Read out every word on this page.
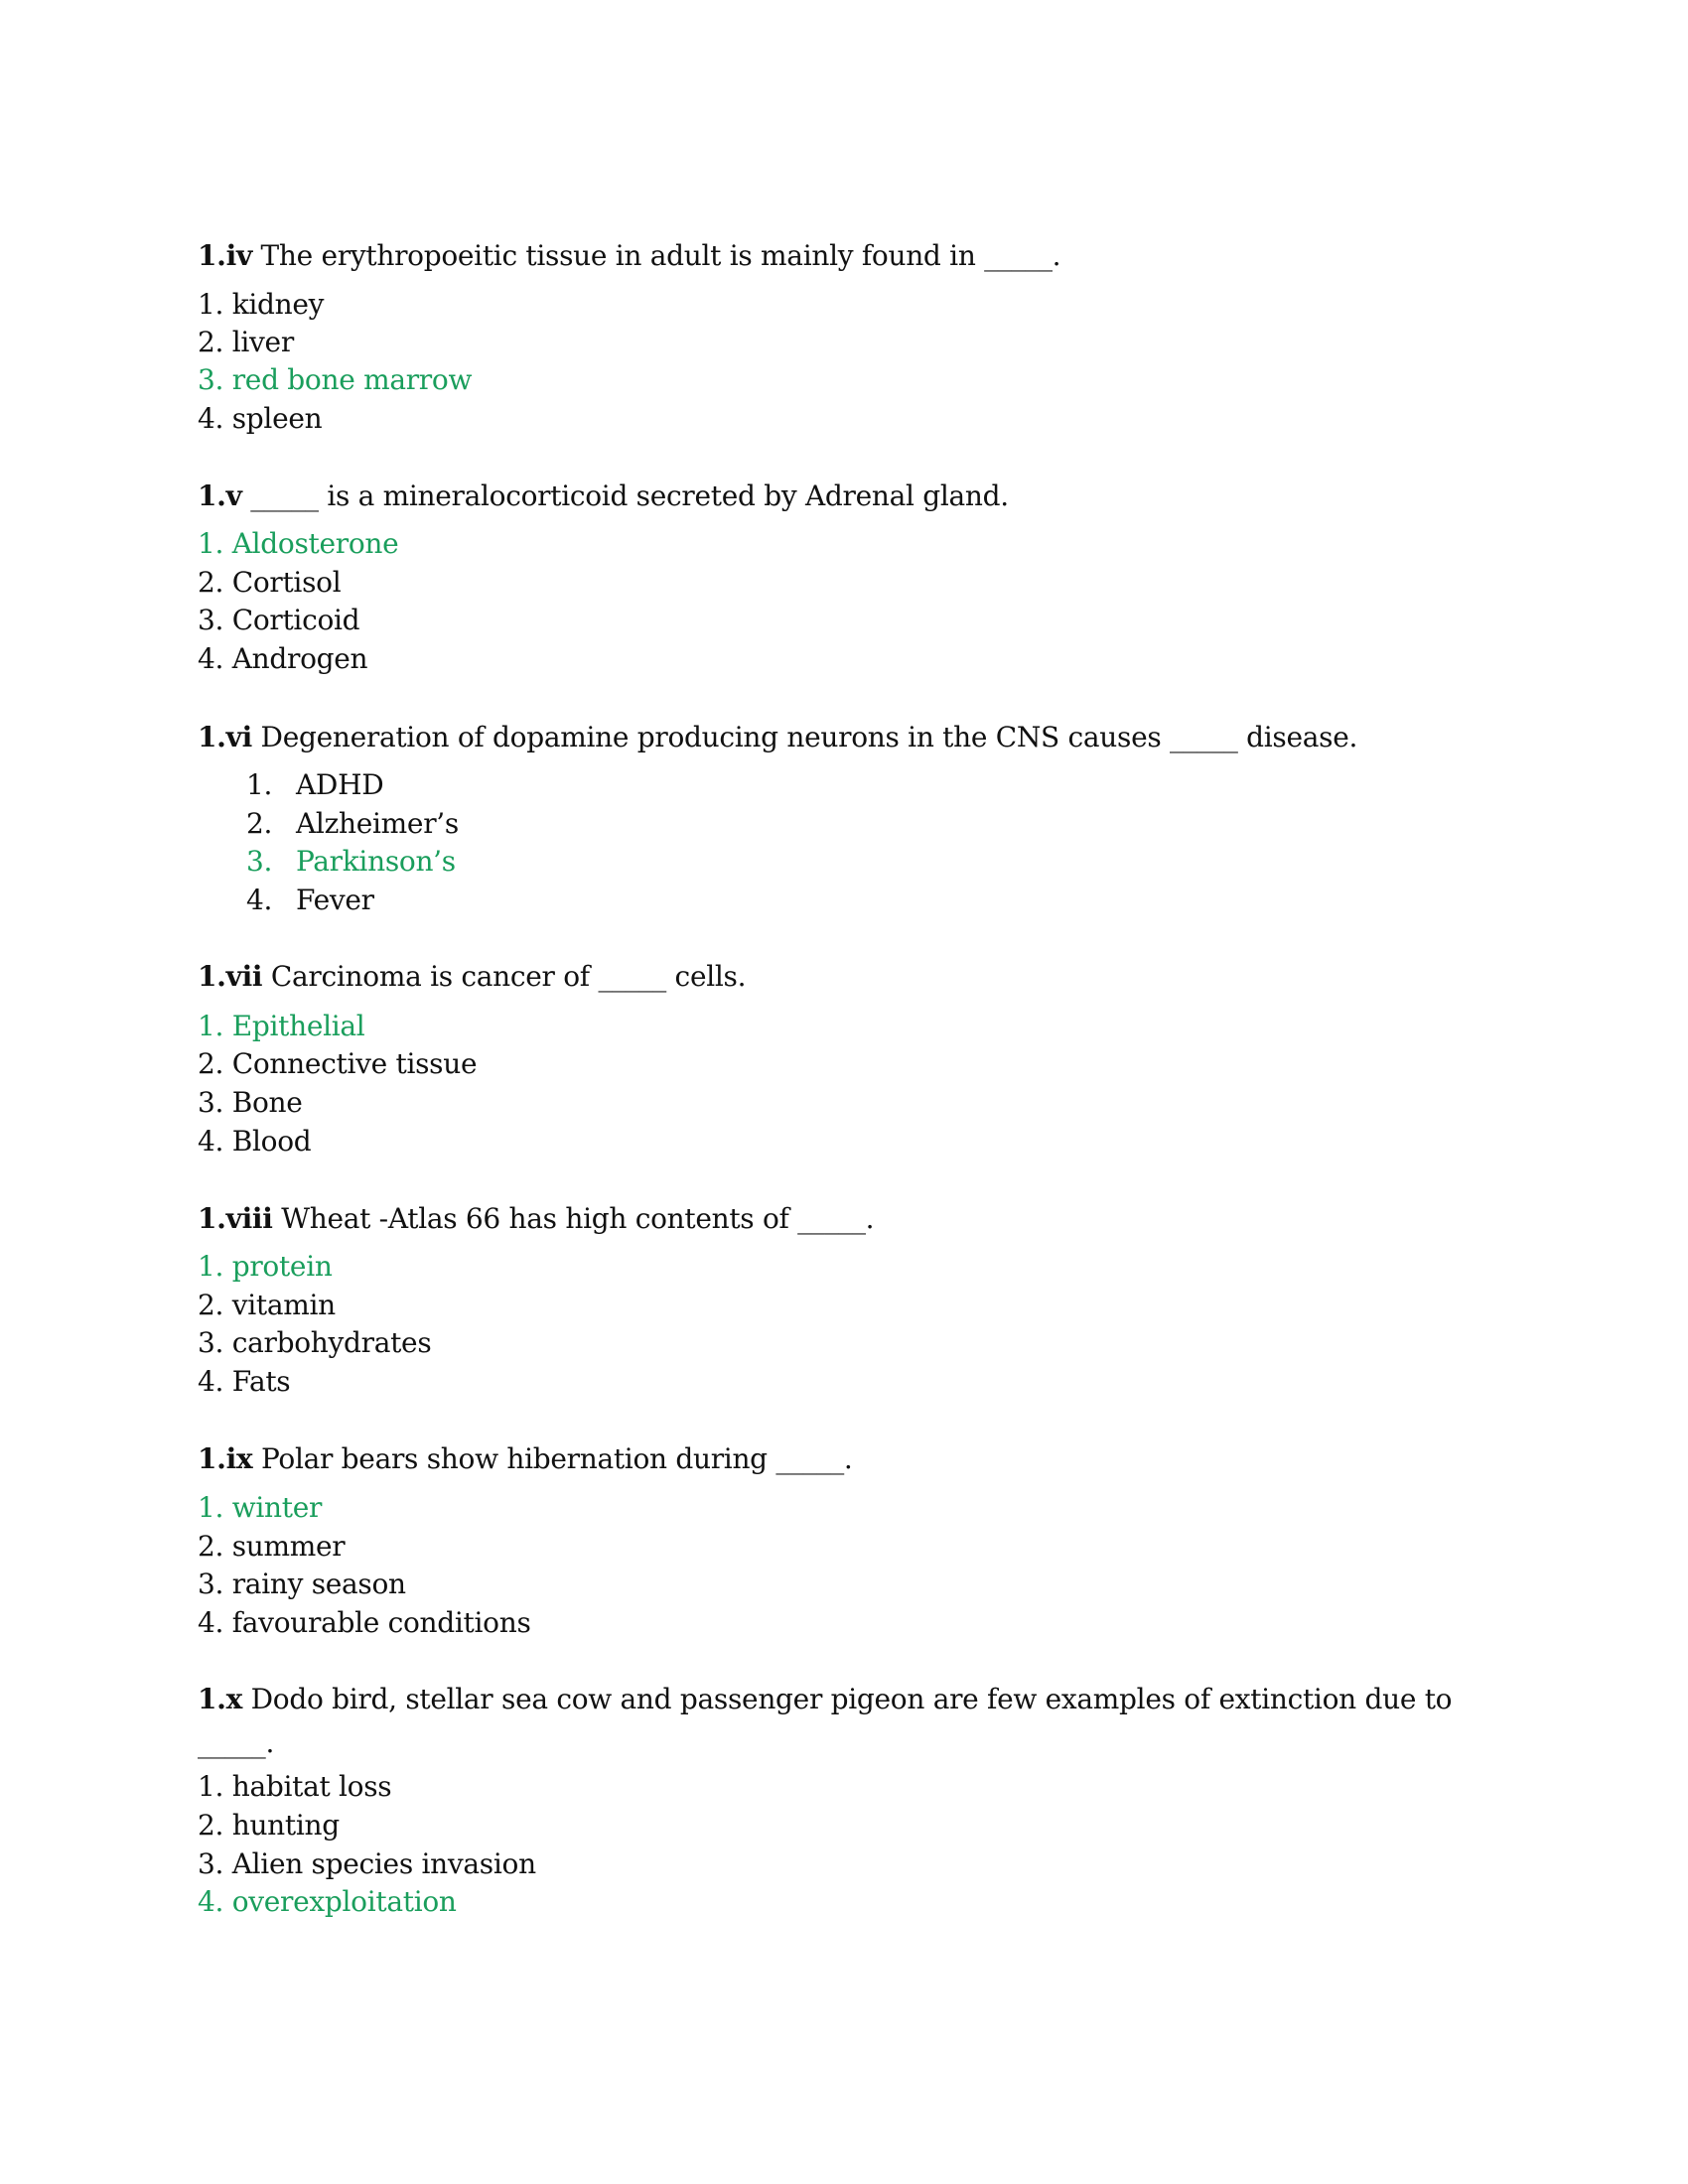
1.iv The erythropoeitic tissue in adult is mainly found in _____.
1. kidney
2. liver
3. red bone marrow
4. spleen
1.v _____ is a mineralocorticoid secreted by Adrenal gland.
1. Aldosterone
2. Cortisol
3. Corticoid
4. Androgen
1.vi Degeneration of dopamine producing neurons in the CNS causes _____ disease.
1. ADHD
2. Alzheimer’s
3. Parkinson’s
4. Fever
1.vii Carcinoma is cancer of _____ cells.
1. Epithelial
2. Connective tissue
3. Bone
4. Blood
1.viii Wheat -Atlas 66 has high contents of _____.
1. protein
2. vitamin
3. carbohydrates
4. Fats
1.ix Polar bears show hibernation during _____.
1. winter
2. summer
3. rainy season
4. favourable conditions
1.x Dodo bird, stellar sea cow and passenger pigeon are few examples of extinction due to
_____.
1. habitat loss
2. hunting
3. Alien species invasion
4. overexploitation
